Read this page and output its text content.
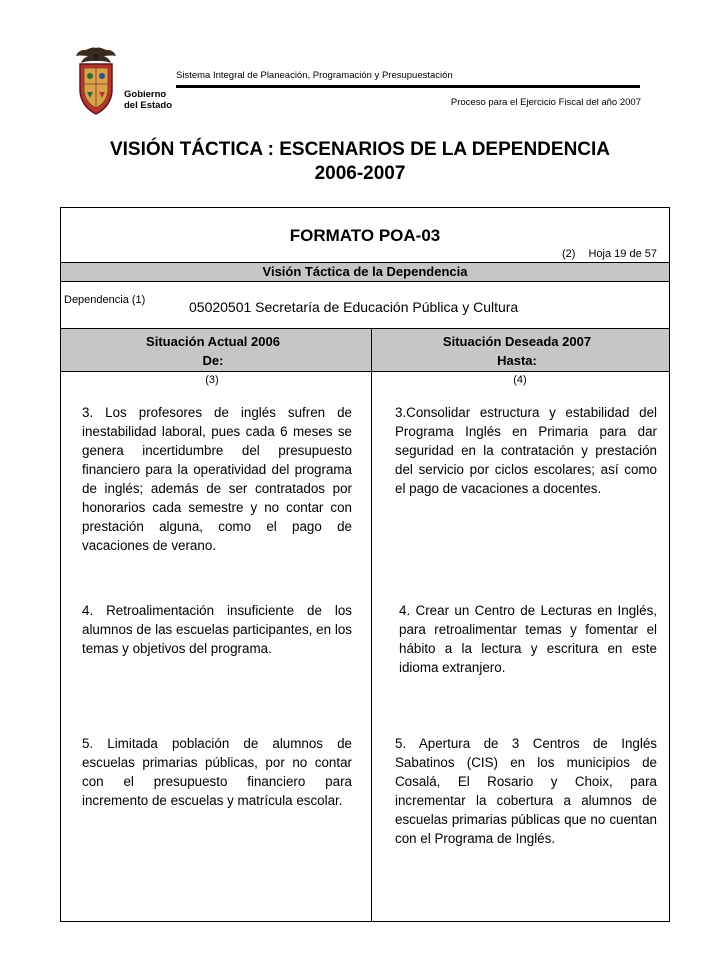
Gobierno
del Estado
Sistema Integral de Planeación, Programación y Presupuestación
Proceso para el Ejercicio Fiscal del año 2007
VISIÓN TÁCTICA : ESCENARIOS DE LA DEPENDENCIA
2006-2007
FORMATO POA-03
(2) Hoja 19 de 57
Visión Táctica de la Dependencia
Dependencia (1)	05020501 Secretaría de Educación Pública y Cultura
Situación Actual 2006
De:
Situación Deseada 2007
Hasta:
(3)	(4)
3. Los profesores de inglés sufren de inestabilidad laboral, pues cada 6 meses se genera incertidumbre del presupuesto financiero para la operatividad del programa de inglés; además de ser contratados por honorarios cada semestre y no contar con prestación alguna, como el pago de vacaciones de verano.
3.Consolidar estructura y estabilidad del Programa Inglés en Primaria para dar seguridad en la contratación y prestación del servicio por ciclos escolares; así como el pago de vacaciones a docentes.
4. Retroalimentación insuficiente de los alumnos de las escuelas participantes, en los temas y objetivos del programa.
4. Crear un Centro de Lecturas en Inglés, para retroalimentar temas y fomentar el hábito a la lectura y escritura en este idioma extranjero.
5. Limitada población de alumnos de escuelas primarias públicas, por no contar con el presupuesto financiero para incremento de escuelas y matrícula escolar.
5. Apertura de 3 Centros de Inglés Sabatinos (CIS) en los municipios de Cosalá, El Rosario y Choix, para incrementar la cobertura a alumnos de escuelas primarias públicas que no cuentan con el Programa de Inglés.
